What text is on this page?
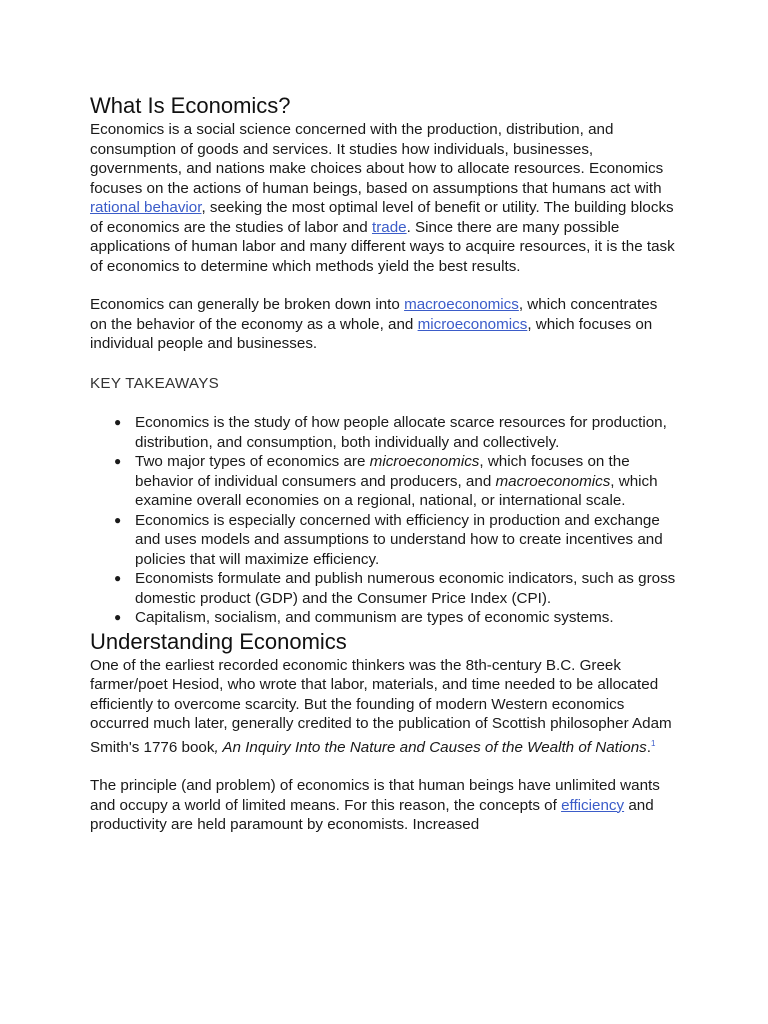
What Is Economics?

Economics is a social science concerned with the production, distribution, and consumption of goods and services. It studies how individuals, businesses, governments, and nations make choices about how to allocate resources. Economics focuses on the actions of human beings, based on assumptions that humans act with rational behavior, seeking the most optimal level of benefit or utility. The building blocks of economics are the studies of labor and trade. Since there are many possible applications of human labor and many different ways to acquire resources, it is the task of economics to determine which methods yield the best results.

Economics can generally be broken down into macroeconomics, which concentrates on the behavior of the economy as a whole, and microeconomics, which focuses on individual people and businesses.

KEY TAKEAWAYS
● Economics is the study of how people allocate scarce resources for production, distribution, and consumption, both individually and collectively.
● Two major types of economics are microeconomics, which focuses on the behavior of individual consumers and producers, and macroeconomics, which examine overall economies on a regional, national, or international scale.
● Economics is especially concerned with efficiency in production and exchange and uses models and assumptions to understand how to create incentives and policies that will maximize efficiency.
● Economists formulate and publish numerous economic indicators, such as gross domestic product (GDP) and the Consumer Price Index (CPI).
● Capitalism, socialism, and communism are types of economic systems.
Understanding Economics

One of the earliest recorded economic thinkers was the 8th-century B.C. Greek farmer/poet Hesiod, who wrote that labor, materials, and time needed to be allocated efficiently to overcome scarcity. But the founding of modern Western economics occurred much later, generally credited to the publication of Scottish philosopher Adam Smith's 1776 book, An Inquiry Into the Nature and Causes of the Wealth of Nations.$^1$

The principle (and problem) of economics is that human beings have unlimited wants and occupy a world of limited means. For this reason, the concepts of efficiency and productivity are held paramount by economists. Increased
